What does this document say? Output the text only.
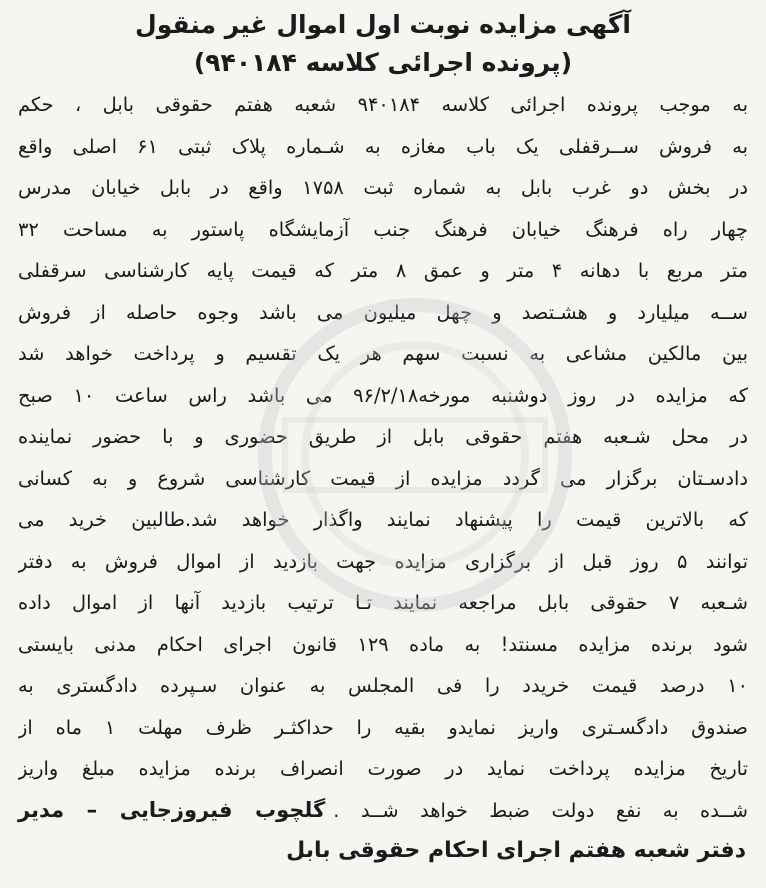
آگهی مزایده نوبت اول اموال غیر منقول

(پرونده اجرائی کلاسه ۹۴۰۱۸۴)

به موجب پرونده اجرائی کلاسه ۹۴۰۱۸۴ شعبه هفتم حقوقی بابل ، حکم
به فروش ســرقفلی یک باب مغازه به شـماره پلاک ثبتی ۶۱ اصلی واقع
در بخش دو غرب بابل به شماره ثبت ۱۷۵۸ واقع در بابل خیابان مدرس
چهار راه فرهنگ خیابان فرهنگ جنب آزمایشگاه پاستور به مساحت ۳۲
متر مربع با دهانه ۴ متر و عمق ۸ متر که قیمت پایه کارشناسی سرقفلی
ســه میلیارد و هشـتصد و چهل میلیون می باشد وجوه حاصله از فروش
بین مالکین مشاعی به نسبت سهم هر یک تقسیم و پرداخت خواهد شد
که مزایده در روز دوشنبه مورخه۹۶/۲/۱۸ می باشد راس ساعت ۱۰ صبح
در محل شـعبه هفتم حقوقی بابل از طریق حضوری و با حضور نماینده
دادسـتان برگزار می گردد مزایده از قیمت کارشناسی شروع و به کسانی
که بالاترین قیمت را پیشنهاد نمایند واگذار خواهد شد.طالبین خرید می
توانند ۵ روز قبل از برگزاری مزایده جهت بازدید از اموال فروش به دفتر
شـعبه ۷ حقوقی بابل مراجعه نمایند تـا ترتیب بازدید آنها از اموال داده
شود برنده مزایده مسنتد! به ماده ۱۲۹ قانون اجرای احکام مدنی بایستی
۱۰ درصد قیمت خریدد را فی المجلس به عنوان سـپرده دادگستری به
صندوق دادگسـتری واریز نمایدو بقیه را حداکثـر ظرف مهلت ۱ ماه از
تاریخ مزایده پرداخت نماید در صورت انصراف برنده مزایده مبلغ واریز
شــده به نفع دولت ضبط خواهد شــد .گلچوب فیروزجایی – مدیر
دفتر شعبه هفتم اجرای احکام حقوقی بابل
